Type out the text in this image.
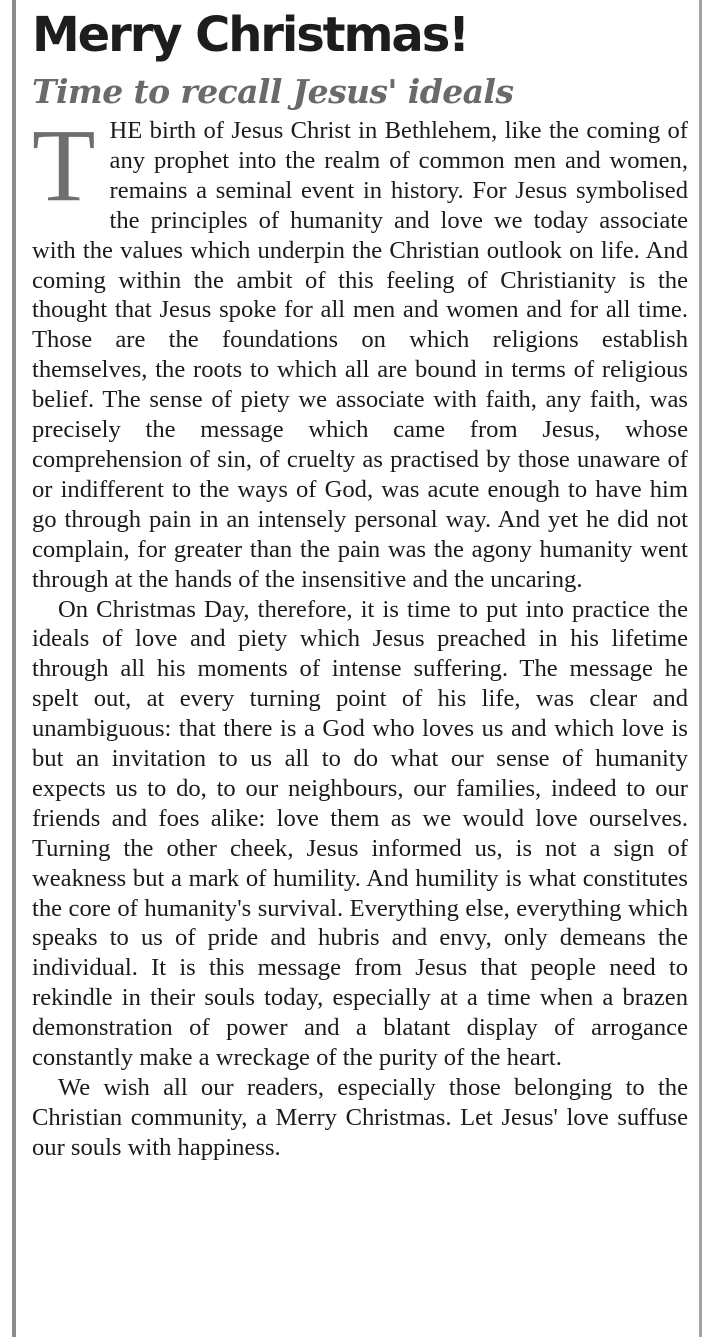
Merry Christmas!
Time to recall Jesus' ideals

THE birth of Jesus Christ in Bethlehem, like the coming of any prophet into the realm of common men and women, remains a seminal event in history. For Jesus symbolised the principles of humanity and love we today associate with the values which underpin the Christian outlook on life. And coming within the ambit of this feeling of Christianity is the thought that Jesus spoke for all men and women and for all time. Those are the foundations on which religions establish themselves, the roots to which all are bound in terms of religious belief. The sense of piety we associate with faith, any faith, was precisely the message which came from Jesus, whose comprehension of sin, of cruelty as practised by those unaware of or indifferent to the ways of God, was acute enough to have him go through pain in an intensely personal way. And yet he did not complain, for greater than the pain was the agony humanity went through at the hands of the insensitive and the uncaring.

On Christmas Day, therefore, it is time to put into practice the ideals of love and piety which Jesus preached in his lifetime through all his moments of intense suffering. The message he spelt out, at every turning point of his life, was clear and unambiguous: that there is a God who loves us and which love is but an invitation to us all to do what our sense of humanity expects us to do, to our neighbours, our families, indeed to our friends and foes alike: love them as we would love ourselves. Turning the other cheek, Jesus informed us, is not a sign of weakness but a mark of humility. And humility is what constitutes the core of humanity's survival. Everything else, everything which speaks to us of pride and hubris and envy, only demeans the individual. It is this message from Jesus that people need to rekindle in their souls today, especially at a time when a brazen demonstration of power and a blatant display of arrogance constantly make a wreckage of the purity of the heart.

We wish all our readers, especially those belonging to the Christian community, a Merry Christmas. Let Jesus' love suffuse our souls with happiness.
